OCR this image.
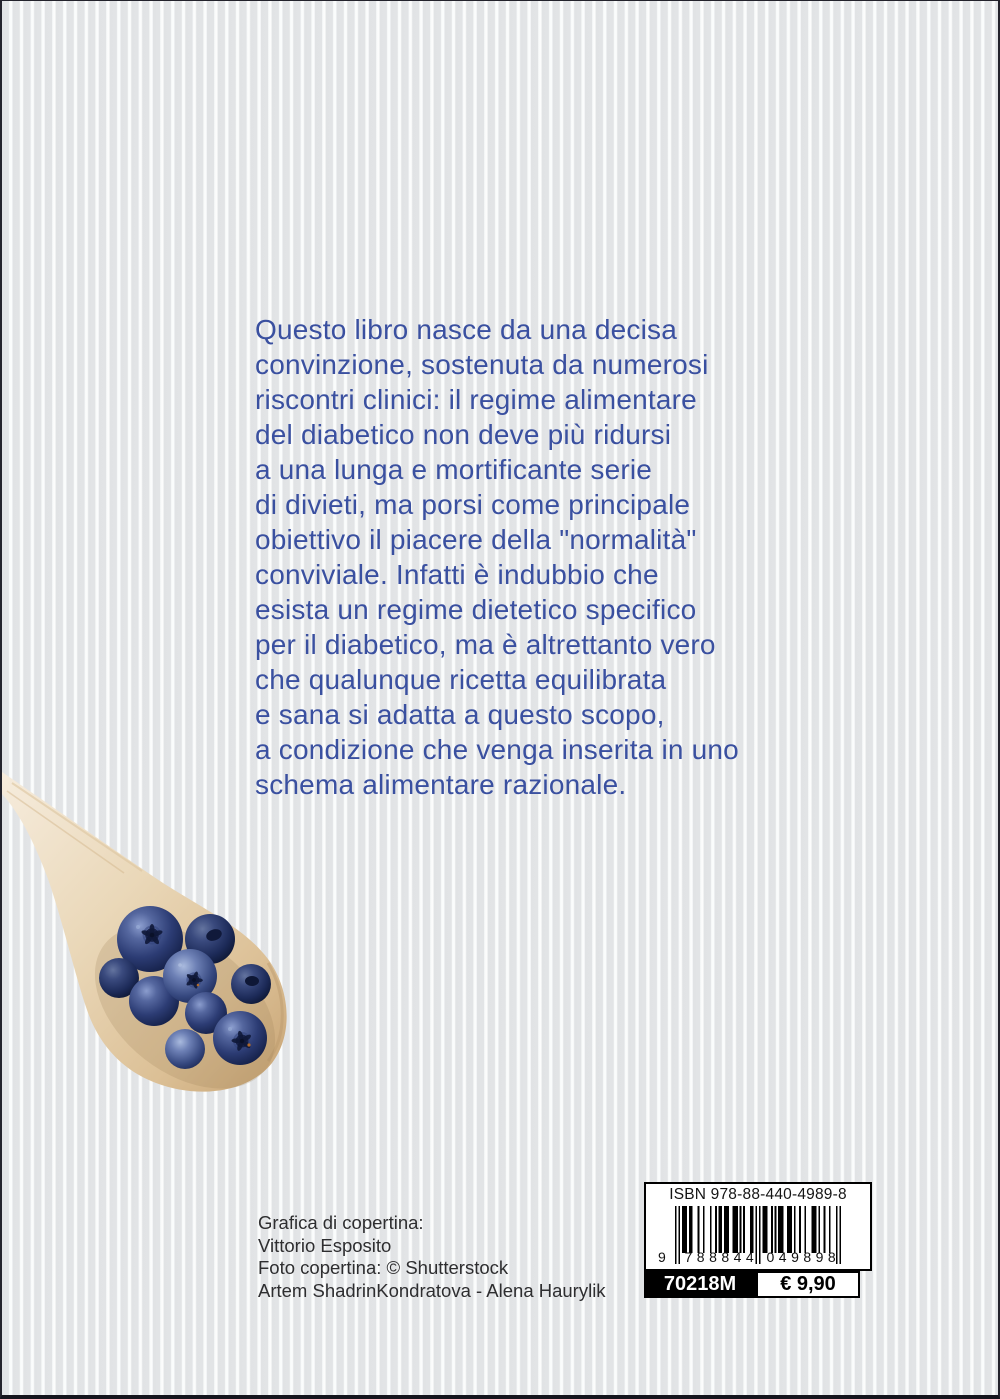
Questo libro nasce da una decisa
convinzione, sostenuta da numerosi
riscontri clinici: il regime alimentare
del diabetico non deve più ridursi
a una lunga e mortificante serie
di divieti, ma porsi come principale
obiettivo il piacere della "normalità"
conviviale. Infatti è indubbio che
esista un regime dietetico specifico
per il diabetico, ma è altrettanto vero
che qualunque ricetta equilibrata
e sana si adatta a questo scopo,
a condizione che venga inserita in uno
schema alimentare razionale.
Grafica di copertina:
Vittorio Esposito
Foto copertina: © Shutterstock
Artem ShadrinKondratova - Alena Haurylik
ISBN 978-88-440-4989-8
9	788844 049898
70218M	€ 9,90
